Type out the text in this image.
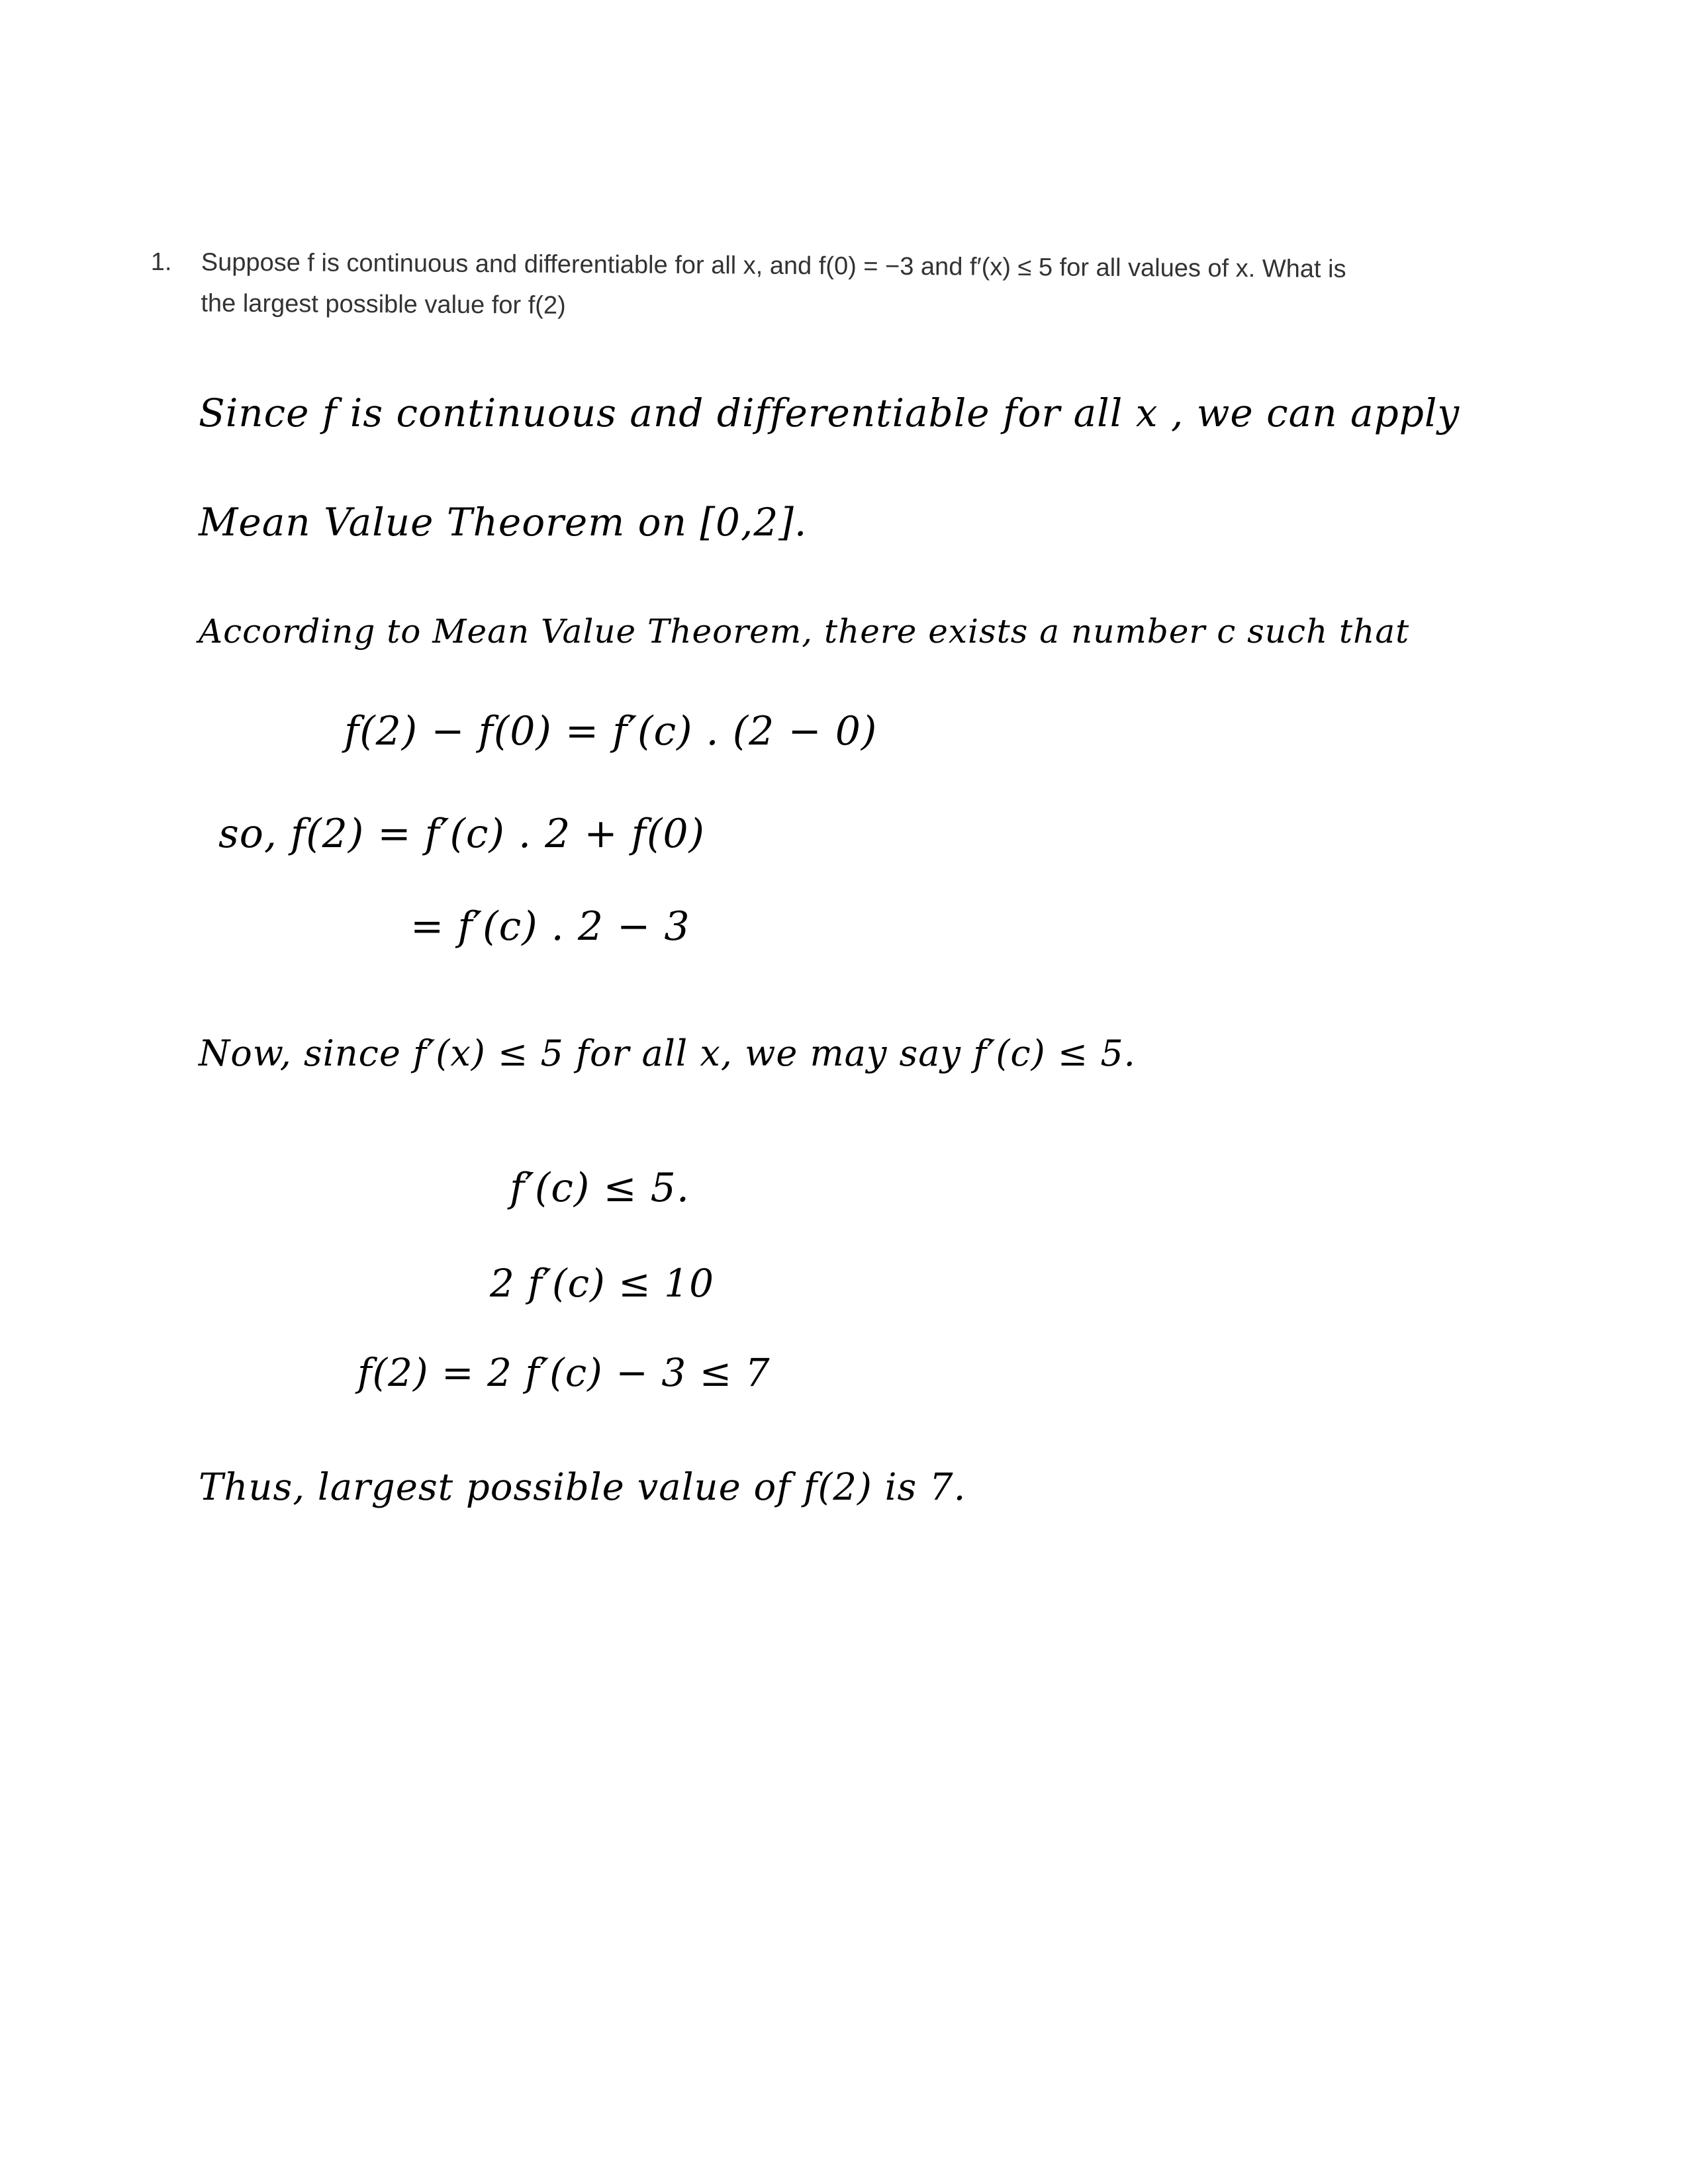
1. Suppose f is continuous and differentiable for all x, and f(0) = −3 and f′(x) ≤ 5 for all values of x. What is
the largest possible value for f(2)
Since f is continuous and differentiable for all x , we can apply
Mean Value Theorem on [0,2].
According to Mean Value Theorem, there exists a number c such that
f(2) − f(0) = f′(c) . (2 − 0)
so, f(2) = f′(c) . 2 + f(0)
= f′(c) . 2 − 3
Now, since f′(x) ≤ 5 for all x, we may say f′(c) ≤ 5.
f′(c) ≤ 5.
2 f′(c) ≤ 10
f(2) = 2 f′(c) − 3 ≤ 7
Thus, largest possible value of f(2) is 7.
